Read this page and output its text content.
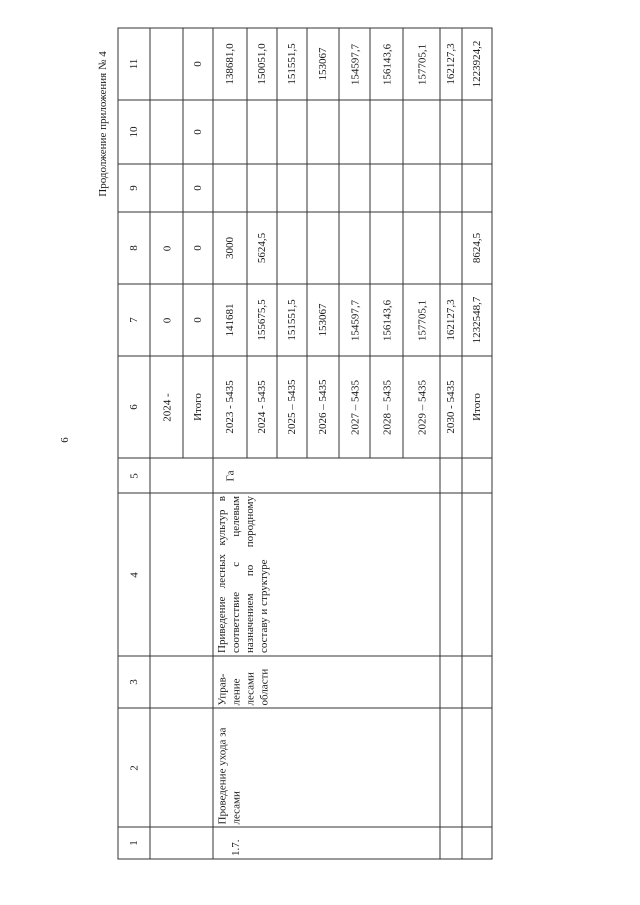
6
Продолжение приложения № 4
1
2
3
4
5
6
7
8
9
10
11
2024 -
0
0
Итого
0
0
0
0
0
1.7.
Проведение ухода за лесами
Управ-ление лесами области
Приведение лесных культур в соответствие с целевым назначением по породному составу и структуре
Га
2023 - 5435
141681
3000
138681,0
2024 - 5435
155675,5
5624,5
150051,0
2025 – 5435
151551,5
151551,5
2026 – 5435
153067
153067
2027 – 5435
154597,7
154597,7
2028 – 5435
156143,6
156143,6
2029 – 5435
157705,1
157705,1
2030 - 5435
162127,3
162127,3
Итого
1232548,7
8624,5
1223924,2
